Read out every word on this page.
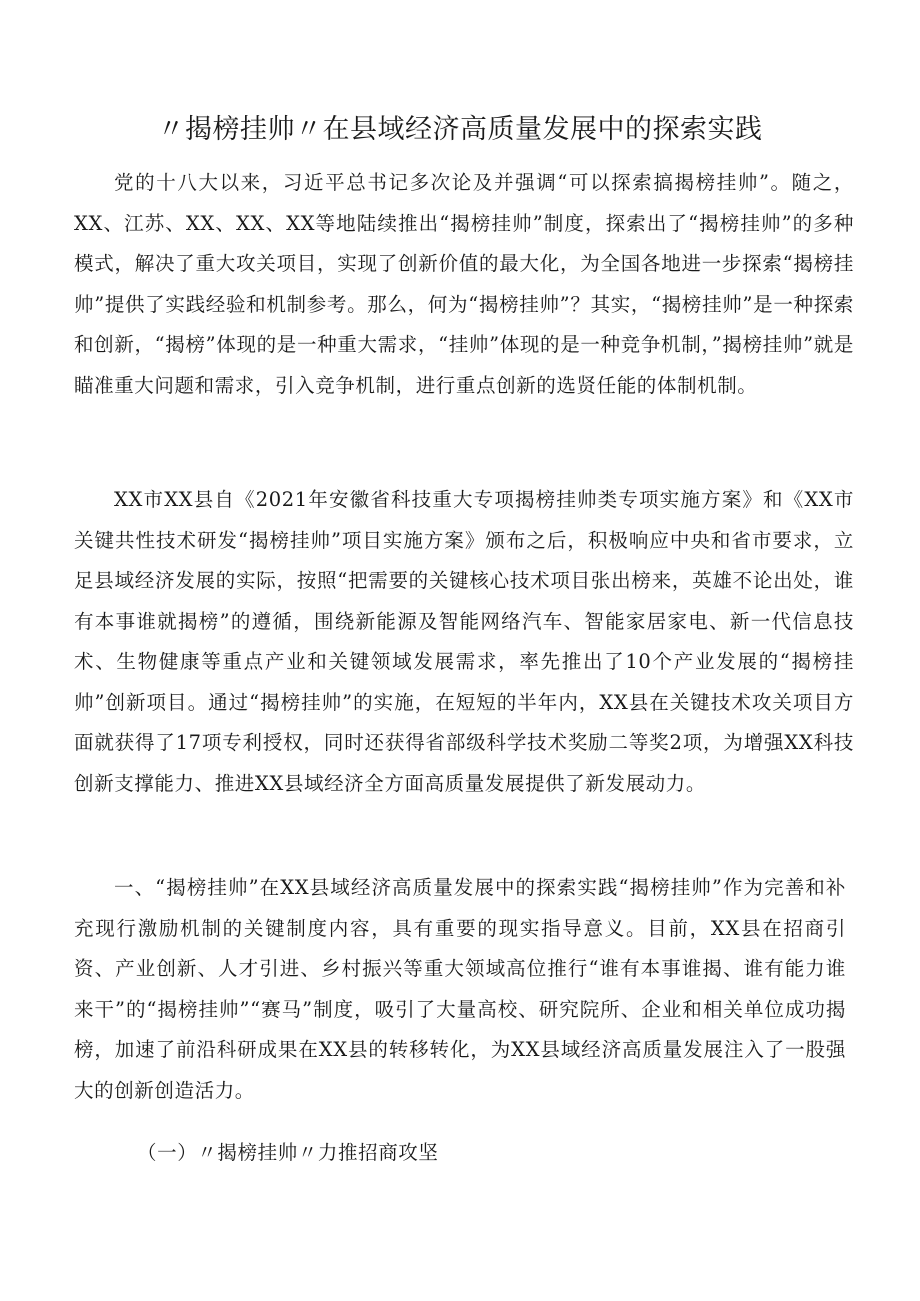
〃揭榜挂帅〃在县域经济高质量发展中的探索实践

党的十八大以来，习近平总书记多次论及并强调“可以探索搞揭榜挂帅”。随之，XX、江苏、XX、XX、XX等地陆续推出“揭榜挂帅”制度，探索出了“揭榜挂帅”的多种模式，解决了重大攻关项目，实现了创新价值的最大化，为全国各地进一步探索“揭榜挂帅”提供了实践经验和机制参考。那么，何为“揭榜挂帅”？其实，“揭榜挂帅”是一种探索和创新，“揭榜”体现的是一种重大需求，“挂帅”体现的是一种竞争机制，”揭榜挂帅”就是瞄准重大问题和需求，引入竞争机制，进行重点创新的选贤任能的体制机制。

XX市XX县自《2021年安徽省科技重大专项揭榜挂帅类专项实施方案》和《XX市关键共性技术研发“揭榜挂帅”项目实施方案》颁布之后，积极响应中央和省市要求，立足县域经济发展的实际，按照“把需要的关键核心技术项目张出榜来，英雄不论出处，谁有本事谁就揭榜”的遵循，围绕新能源及智能网络汽车、智能家居家电、新一代信息技术、生物健康等重点产业和关键领域发展需求，率先推出了10个产业发展的“揭榜挂帅”创新项目。通过“揭榜挂帅”的实施，在短短的半年内，XX县在关键技术攻关项目方面就获得了17项专利授权，同时还获得省部级科学技术奖励二等奖2项，为增强XX科技创新支撑能力、推进XX县域经济全方面高质量发展提供了新发展动力。

一、“揭榜挂帅”在XX县域经济高质量发展中的探索实践“揭榜挂帅”作为完善和补充现行激励机制的关键制度内容，具有重要的现实指导意义。目前，XX县在招商引资、产业创新、人才引进、乡村振兴等重大领域高位推行“谁有本事谁揭、谁有能力谁来干”的“揭榜挂帅”“赛马”制度，吸引了大量高校、研究院所、企业和相关单位成功揭榜，加速了前沿科研成果在XX县的转移转化，为XX县域经济高质量发展注入了一股强大的创新创造活力。

（一）〃揭榜挂帅〃力推招商攻坚
